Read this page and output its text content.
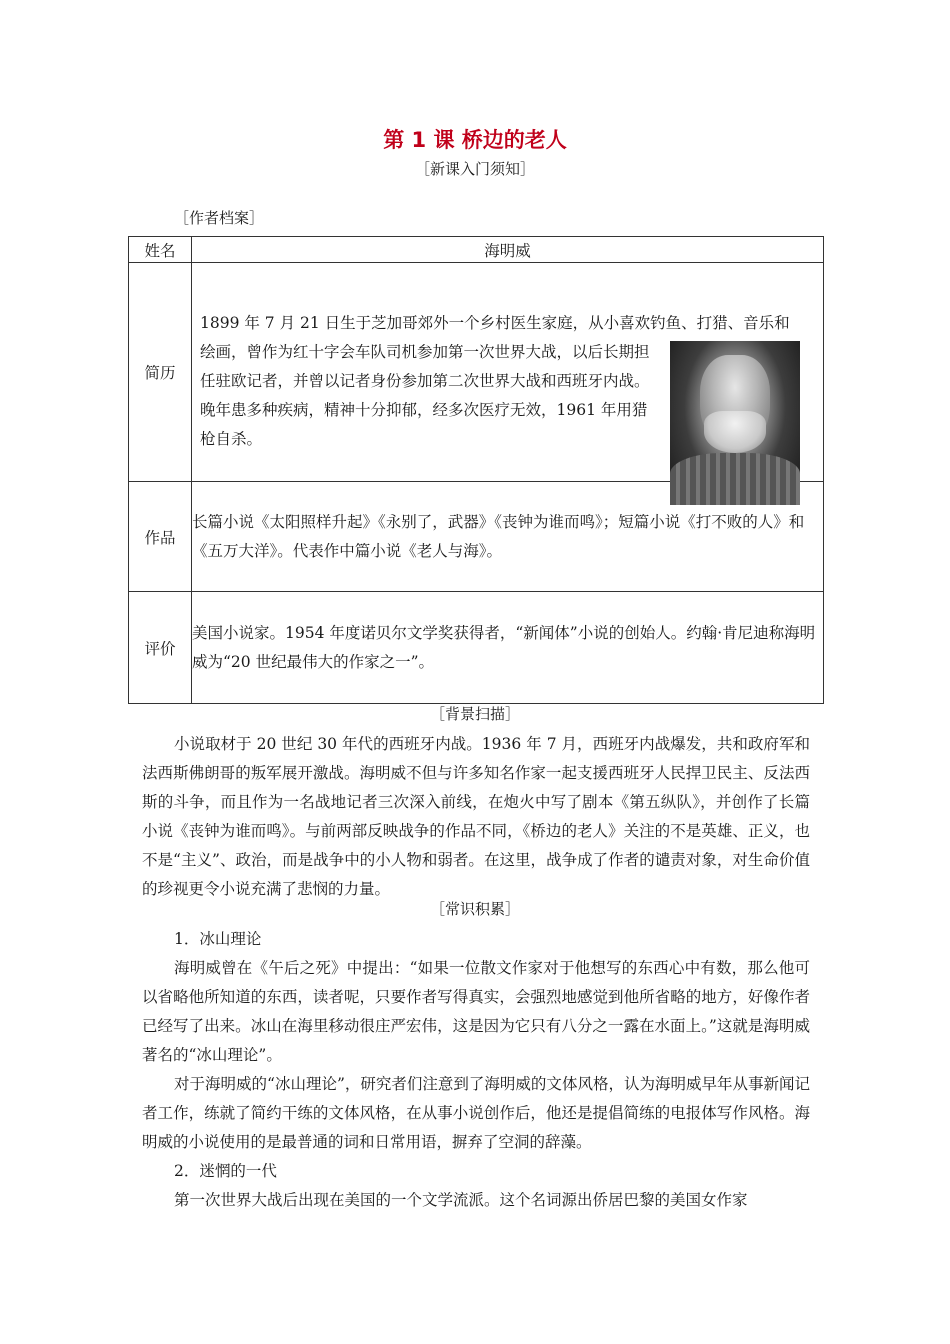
第 1 课 桥边的老人
［新课入门须知］
［作者档案］
姓名	海明威
简历	1899 年 7 月 21 日生于芝加哥郊外一个乡村医生家庭，从小喜欢钓鱼、打猎、音乐和
绘画，曾作为红十字会车队司机参加第一次世界大战，以后长期担任驻欧记者，并曾以记者身份参加第二次世界大战和西班牙内战。晚年患多种疾病，精神十分抑郁，经多次医疗无效，1961 年用猎枪自杀。

作品	长篇小说《太阳照样升起》《永别了，武器》《丧钟为谁而鸣》；短篇小说《打不败的人》和《五万大洋》。代表作中篇小说《老人与海》。
评价	美国小说家。1954 年度诺贝尔文学奖获得者，“新闻体”小说的创始人。约翰·肯尼迪称海明威为“20 世纪最伟大的作家之一”。
［背景扫描］
小说取材于 20 世纪 30 年代的西班牙内战。1936 年 7 月，西班牙内战爆发，共和政府军和法西斯佛朗哥的叛军展开激战。海明威不但与许多知名作家一起支援西班牙人民捍卫民主、反法西斯的斗争，而且作为一名战地记者三次深入前线，在炮火中写了剧本《第五纵队》，并创作了长篇小说《丧钟为谁而鸣》。与前两部反映战争的作品不同，《桥边的老人》关注的不是英雄、正义，也不是“主义”、政治，而是战争中的小人物和弱者。在这里，战争成了作者的谴责对象，对生命价值的珍视更令小说充满了悲悯的力量。
［常识积累］
1．冰山理论
海明威曾在《午后之死》中提出：“如果一位散文作家对于他想写的东西心中有数，那么他可以省略他所知道的东西，读者呢，只要作者写得真实，会强烈地感觉到他所省略的地方，好像作者已经写了出来。冰山在海里移动很庄严宏伟，这是因为它只有八分之一露在水面上。”这就是海明威著名的“冰山理论”。
对于海明威的“冰山理论”，研究者们注意到了海明威的文体风格，认为海明威早年从事新闻记者工作，练就了简约干练的文体风格，在从事小说创作后，他还是提倡简练的电报体写作风格。海明威的小说使用的是最普通的词和日常用语，摒弃了空洞的辞藻。
2．迷惘的一代
第一次世界大战后出现在美国的一个文学流派。这个名词源出侨居巴黎的美国女作家
